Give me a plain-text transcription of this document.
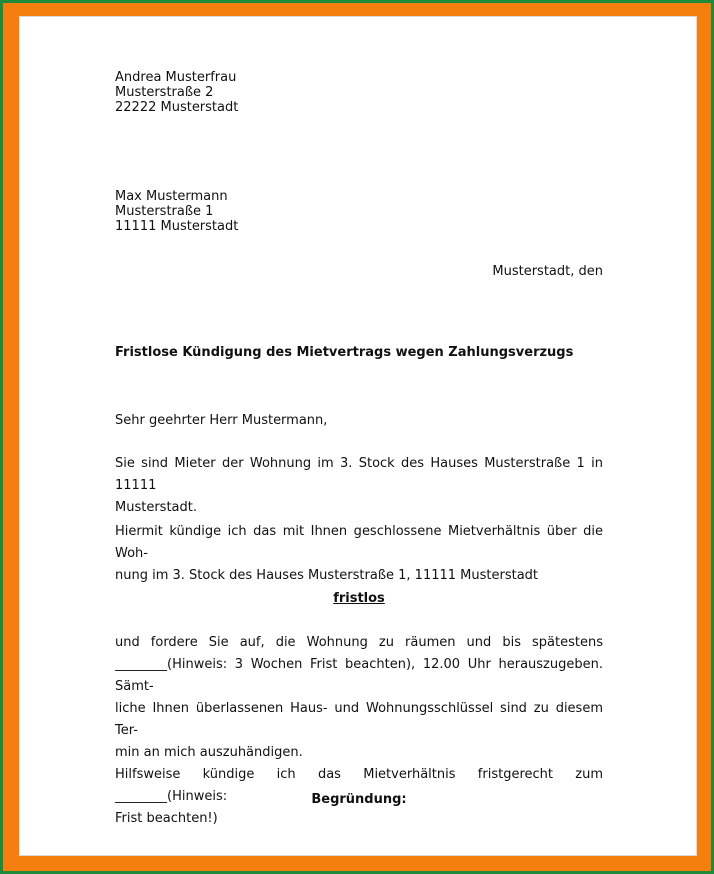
Andrea Musterfrau
Musterstraße 2
22222 Musterstadt
Max Mustermann
Musterstraße 1
11111 Musterstadt
Musterstadt, den
Fristlose Kündigung des Mietvertrags wegen Zahlungsverzugs
Sehr geehrter Herr Mustermann,
Sie sind Mieter der Wohnung im 3. Stock des Hauses Musterstraße 1 in 11111
Musterstadt.
Hiermit kündige ich das mit Ihnen geschlossene Mietverhältnis über die Woh-
nung im 3. Stock des Hauses Musterstraße 1, 11111 Musterstadt
fristlos
und fordere Sie auf, die Wohnung zu räumen und bis spätestens
________(Hinweis: 3 Wochen Frist beachten), 12.00 Uhr herauszugeben. Sämt-
liche Ihnen überlassenen Haus- und Wohnungsschlüssel sind zu diesem Ter-
min an mich auszuhändigen.
Hilfsweise kündige ich das Mietverhältnis fristgerecht zum ________(Hinweis:
Frist beachten!)
Begründung:
